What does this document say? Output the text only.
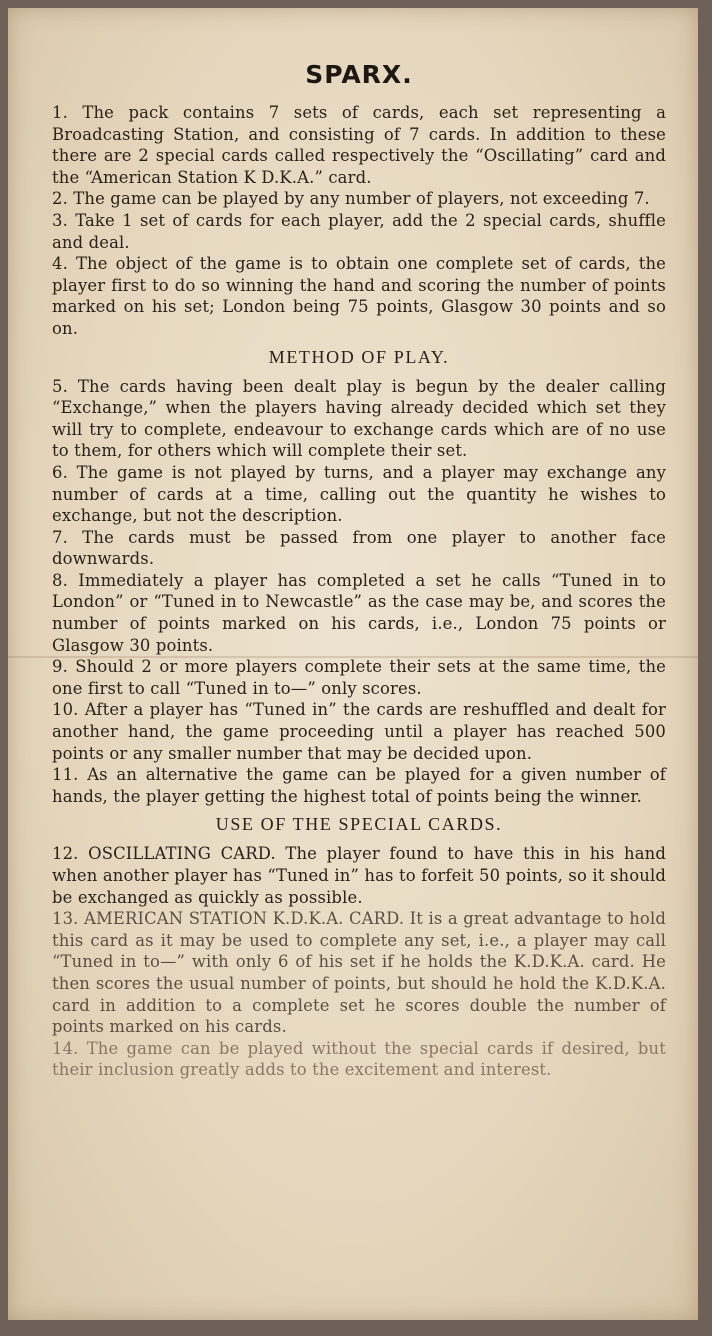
SPARX.

1. The pack contains 7 sets of cards, each set representing a Broadcasting Station, and consisting of 7 cards. In addition to these there are 2 special cards called respectively the “Oscillating” card and the “American Station K D.K.A.” card.

2. The game can be played by any number of players, not exceeding 7.

3. Take 1 set of cards for each player, add the 2 special cards, shuffle and deal.

4. The object of the game is to obtain one complete set of cards, the player first to do so winning the hand and scoring the number of points marked on his set; London being 75 points, Glasgow 30 points and so on.

METHOD OF PLAY.

5. The cards having been dealt play is begun by the dealer calling “Exchange,” when the players having already decided which set they will try to complete, endeavour to exchange cards which are of no use to them, for others which will complete their set.

6. The game is not played by turns, and a player may exchange any number of cards at a time, calling out the quantity he wishes to exchange, but not the description.

7. The cards must be passed from one player to another face downwards.

8. Immediately a player has completed a set he calls “Tuned in to London” or “Tuned in to Newcastle” as the case may be, and scores the number of points marked on his cards, i.e., London 75 points or Glasgow 30 points.

9. Should 2 or more players complete their sets at the same time, the one first to call “Tuned in to—” only scores.

10. After a player has “Tuned in” the cards are reshuffled and dealt for another hand, the game proceeding until a player has reached 500 points or any smaller number that may be decided upon.

11. As an alternative the game can be played for a given number of hands, the player getting the highest total of points being the winner.

USE OF THE SPECIAL CARDS.

12. OSCILLATING CARD. The player found to have this in his hand when another player has “Tuned in” has to forfeit 50 points, so it should be exchanged as quickly as possible.

13. AMERICAN STATION K.D.K.A. CARD. It is a great advantage to hold this card as it may be used to complete any set, i.e., a player may call “Tuned in to—” with only 6 of his set if he holds the K.D.K.A. card. He then scores the usual number of points, but should he hold the K.D.K.A. card in addition to a complete set he scores double the number of points marked on his cards.

14. The game can be played without the special cards if desired, but their inclusion greatly adds to the excitement and interest.
